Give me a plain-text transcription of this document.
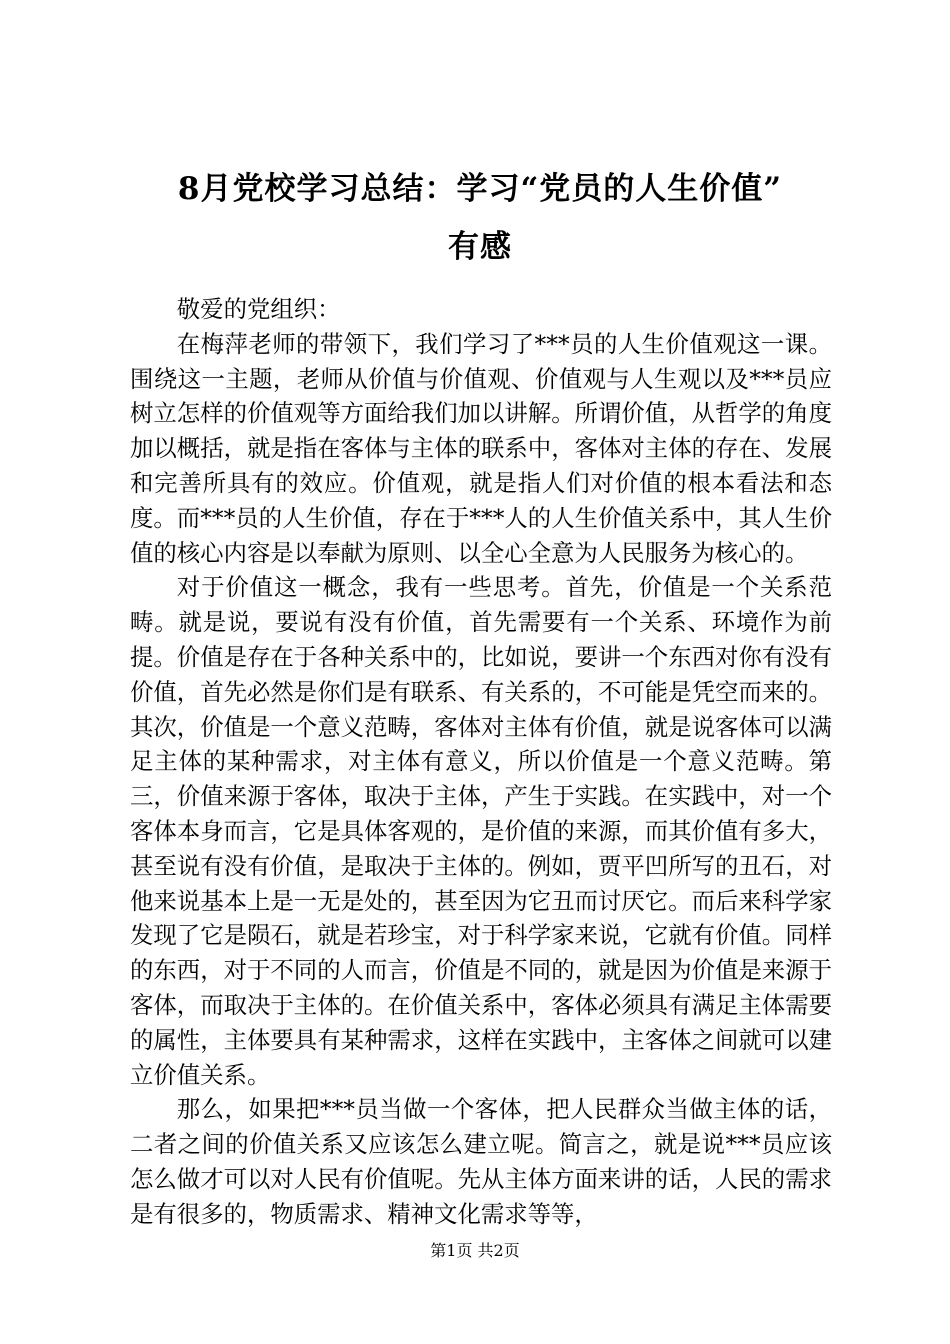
8月党校学习总结：学习“党员的人生价值”
有感

敬爱的党组织：

在梅萍老师的带领下，我们学习了***员的人生价值观这一课。围绕这一主题，老师从价值与价值观、价值观与人生观以及***员应树立怎样的价值观等方面给我们加以讲解。所谓价值，从哲学的角度加以概括，就是指在客体与主体的联系中，客体对主体的存在、发展和完善所具有的效应。价值观，就是指人们对价值的根本看法和态度。而***员的人生价值，存在于***人的人生价值关系中，其人生价值的核心内容是以奉献为原则、以全心全意为人民服务为核心的。

对于价值这一概念，我有一些思考。首先，价值是一个关系范畴。就是说，要说有没有价值，首先需要有一个关系、环境作为前提。价值是存在于各种关系中的，比如说，要讲一个东西对你有没有价值，首先必然是你们是有联系、有关系的，不可能是凭空而来的。其次，价值是一个意义范畴，客体对主体有价值，就是说客体可以满足主体的某种需求，对主体有意义，所以价值是一个意义范畴。第三，价值来源于客体，取决于主体，产生于实践。在实践中，对一个客体本身而言，它是具体客观的，是价值的来源，而其价值有多大，甚至说有没有价值，是取决于主体的。例如，贾平凹所写的丑石，对他来说基本上是一无是处的，甚至因为它丑而讨厌它。而后来科学家发现了它是陨石，就是若珍宝，对于科学家来说，它就有价值。同样的东西，对于不同的人而言，价值是不同的，就是因为价值是来源于客体，而取决于主体的。在价值关系中，客体必须具有满足主体需要的属性，主体要具有某种需求，这样在实践中，主客体之间就可以建立价值关系。

那么，如果把***员当做一个客体，把人民群众当做主体的话，二者之间的价值关系又应该怎么建立呢。简言之，就是说***员应该怎么做才可以对人民有价值呢。先从主体方面来讲的话，人民的需求是有很多的，物质需求、精神文化需求等等，

第1页 共2页
